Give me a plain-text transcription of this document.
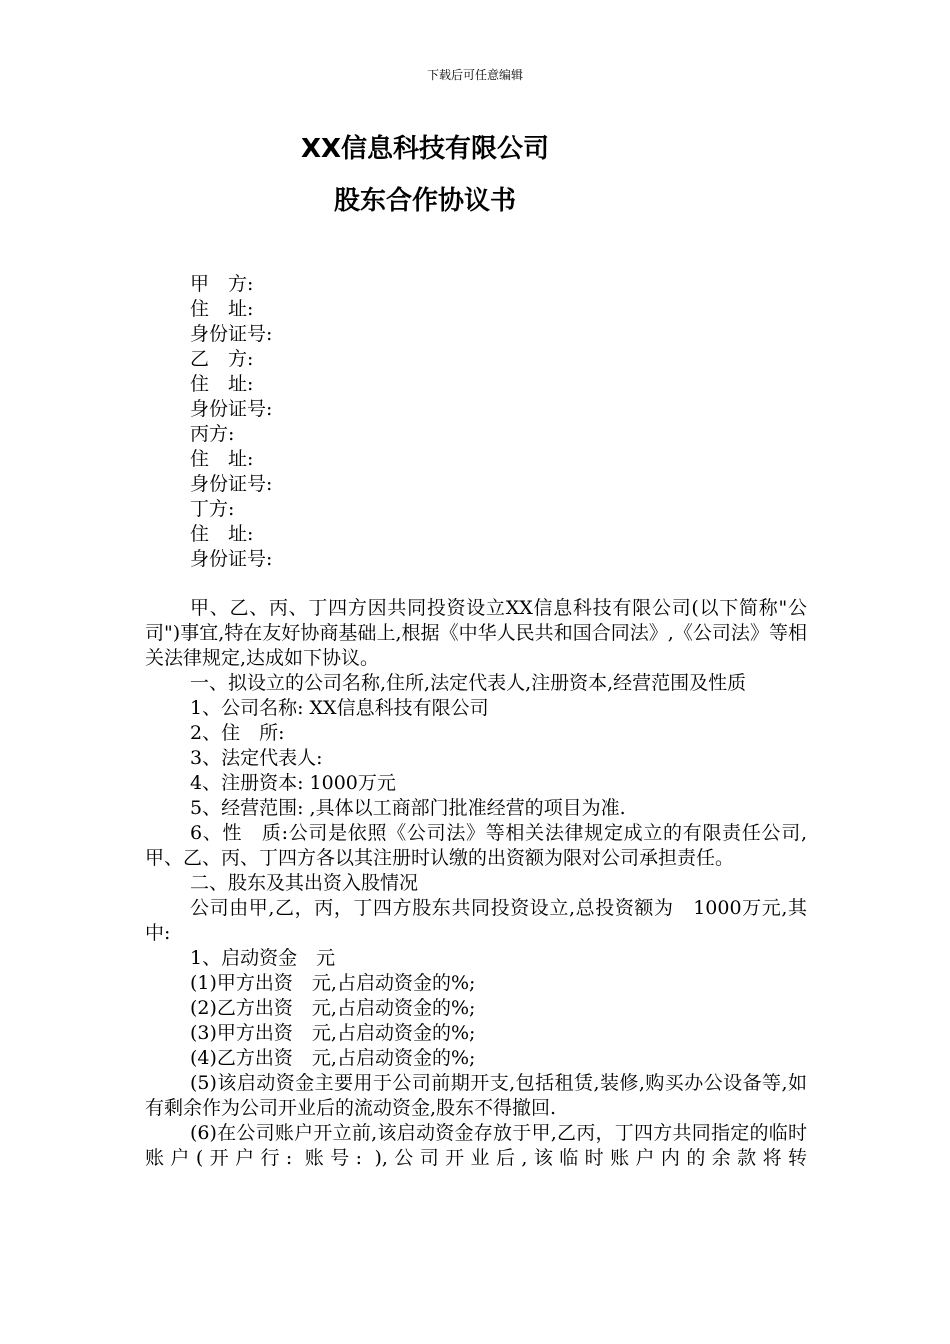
下载后可任意编辑
XX信息科技有限公司
股东合作协议书
甲　方:
住　址:
身份证号:
乙　方:
住　址:
身份证号:
丙方:
住　址:
身份证号:
丁方:
住　址:
身份证号:

甲、乙、丙、丁四方因共同投资设立XX信息科技有限公司(以下简称"公司")事宜,特在友好协商基础上,根据《中华人民共和国合同法》,《公司法》等相关法律规定,达成如下协议。

一、拟设立的公司名称,住所,法定代表人,注册资本,经营范围及性质

1、公司名称: XX信息科技有限公司

2、住　所:

3、法定代表人:

4、注册资本: 1000万元

5、经营范围: ,具体以工商部门批准经营的项目为准.

6、性　质:公司是依照《公司法》等相关法律规定成立的有限责任公司,甲、乙、丙、丁四方各以其注册时认缴的出资额为限对公司承担责任。

二、股东及其出资入股情况

公司由甲,乙，丙，丁四方股东共同投资设立,总投资额为　1000万元,其中:

1、启动资金　元

(1)甲方出资　元,占启动资金的%;

(2)乙方出资　元,占启动资金的%;

(3)甲方出资　元,占启动资金的%;

(4)乙方出资　元,占启动资金的%;

(5)该启动资金主要用于公司前期开支,包括租赁,装修,购买办公设备等,如有剩余作为公司开业后的流动资金,股东不得撤回.

(6)在公司账户开立前,该启动资金存放于甲,乙丙，丁四方共同指定的临时账户(开户行: 账号: ),公司开业后,该临时账户内的余款将转
